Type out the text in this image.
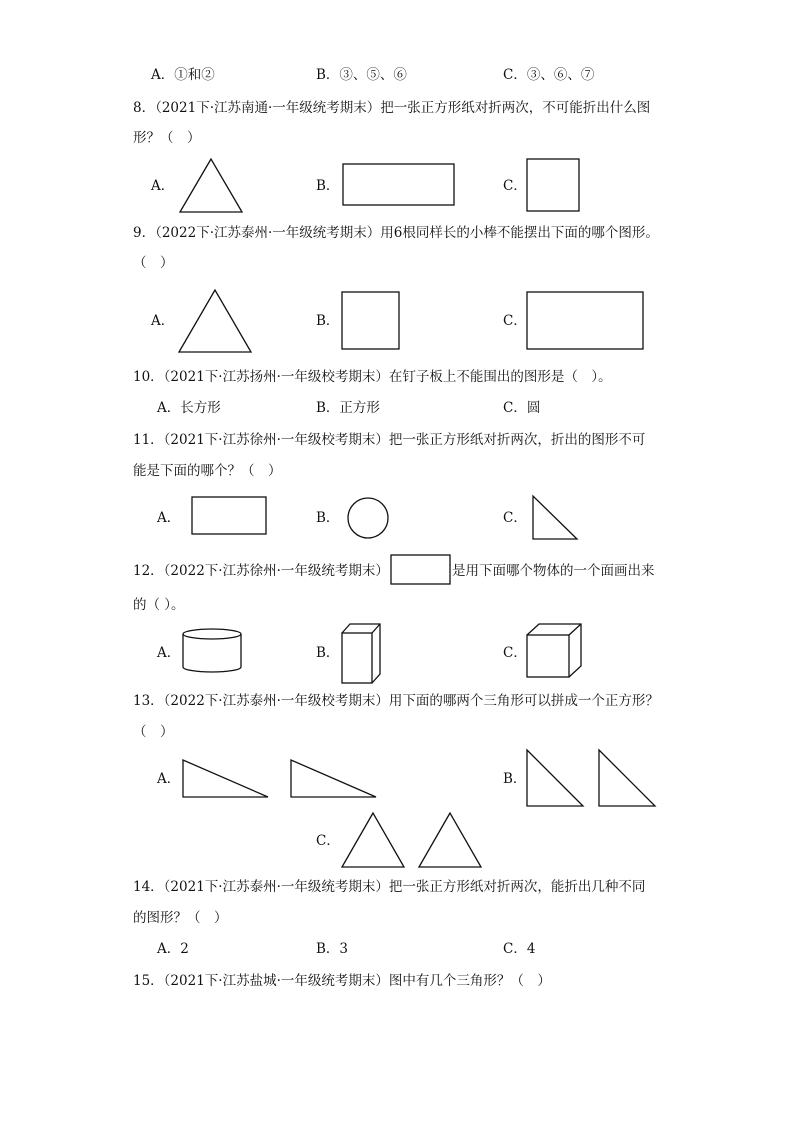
A．①和②	B．③、⑤、⑥	C．③、⑥、⑦
8．（2021下·江苏南通·一年级统考期末）把一张正方形纸对折两次，不可能折出什么图
形？（　）
A．	B．	C．
9．（2022下·江苏泰州·一年级统考期末）用6根同样长的小棒不能摆出下面的哪个图形。
（　）
A．	B．	C．
10．（2021下·江苏扬州·一年级校考期末）在钉子板上不能围出的图形是（　）。
A．长方形	B．正方形	C．圆
11．（2021下·江苏徐州·一年级校考期末）把一张正方形纸对折两次，折出的图形不可
能是下面的哪个？（　）
A．	B．	C．
12．（2022下·江苏徐州·一年级统考期末）	是用下面哪个物体的一个面画出来
的（ ）。
A．	B．	C．
13．（2022下·江苏泰州·一年级校考期末）用下面的哪两个三角形可以拼成一个正方形？
（　）
A．	B．
C．
14．（2021下·江苏泰州·一年级统考期末）把一张正方形纸对折两次，能折出几种不同
的图形？（　）
A．2	B．3	C．4
15．（2021下·江苏盐城·一年级统考期末）图中有几个三角形？（　）
